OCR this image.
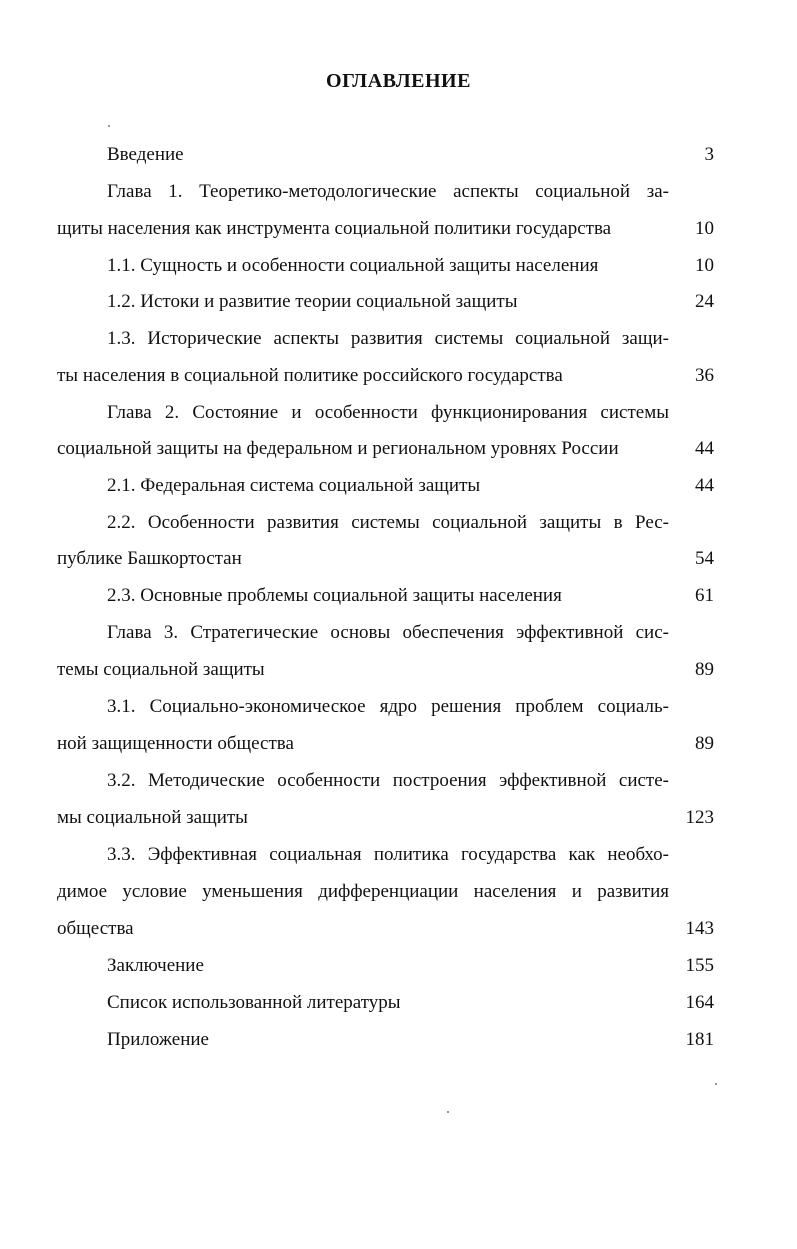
ОГЛАВЛЕНИЕ
Введение	3
Глава 1. Теоретико-методологические аспекты социальной за-
щиты населения как инструмента социальной политики государства	10
1.1. Сущность и особенности социальной защиты населения	10
1.2. Истоки и развитие теории социальной защиты	24
1.3. Исторические аспекты развития системы социальной защи-
ты населения в социальной политике российского государства	36
Глава 2. Состояние и особенности функционирования системы
социальной защиты на федеральном и региональном уровнях России	44
2.1. Федеральная система социальной защиты	44
2.2. Особенности развития системы социальной защиты в Рес-
публике Башкортостан	54
2.3. Основные проблемы социальной защиты населения	61
Глава 3. Стратегические основы обеспечения эффективной сис-
темы социальной защиты	89
3.1. Социально-экономическое ядро решения проблем социаль-
ной защищенности общества	89
3.2. Методические особенности построения эффективной систе-
мы социальной защиты	123
3.3. Эффективная социальная политика государства как необхо-
димое условие уменьшения дифференциации населения и развития
общества	143
Заключение	155
Список использованной литературы	164
Приложение	181
